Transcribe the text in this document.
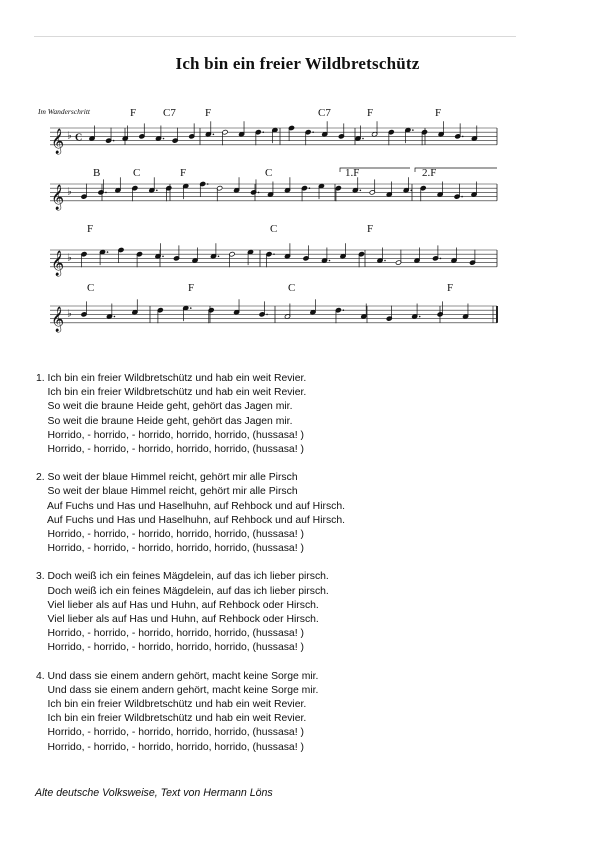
Ich bin ein freier Wildbretschütz
𝄞 ♭ C
𝄞 ♭
𝄞 ♭
𝄞 ♭
F C7	F	C7	F	F
B	C	F	C	1.F	2.F
F	C	F
C	F	C	F
Im Wanderschritt
1. Ich bin ein freier Wildbretschütz und hab ein weit Revier.
Ich bin ein freier Wildbretschütz und hab ein weit Revier.
So weit die braune Heide geht, gehört das Jagen mir.
So weit die braune Heide geht, gehört das Jagen mir.
Horrido, - horrido, - horrido, horrido, horrido, (hussasa! )
Horrido, - horrido, - horrido, horrido, horrido, (hussasa! )
2. So weit der blaue Himmel reicht, gehört mir alle Pirsch
So weit der blaue Himmel reicht, gehört mir alle Pirsch
Auf Fuchs und Has und Haselhuhn, auf Rehbock und auf Hirsch.
Auf Fuchs und Has und Haselhuhn, auf Rehbock und auf Hirsch.
Horrido, - horrido, - horrido, horrido, horrido, (hussasa! )
Horrido, - horrido, - horrido, horrido, horrido, (hussasa! )
3. Doch weiß ich ein feines Mägdelein, auf das ich lieber pirsch.
Doch weiß ich ein feines Mägdelein, auf das ich lieber pirsch.
Viel lieber als auf Has und Huhn, auf Rehbock oder Hirsch.
Viel lieber als auf Has und Huhn, auf Rehbock oder Hirsch.
Horrido, - horrido, - horrido, horrido, horrido, (hussasa! )
Horrido, - horrido, - horrido, horrido, horrido, (hussasa! )
4. Und dass sie einem andern gehört, macht keine Sorge mir.
Und dass sie einem andern gehört, macht keine Sorge mir.
Ich bin ein freier Wildbretschütz und hab ein weit Revier.
Ich bin ein freier Wildbretschütz und hab ein weit Revier.
Horrido, - horrido, - horrido, horrido, horrido, (hussasa! )
Horrido, - horrido, - horrido, horrido, horrido, (hussasa! )
Alte deutsche Volksweise, Text von Hermann Löns
